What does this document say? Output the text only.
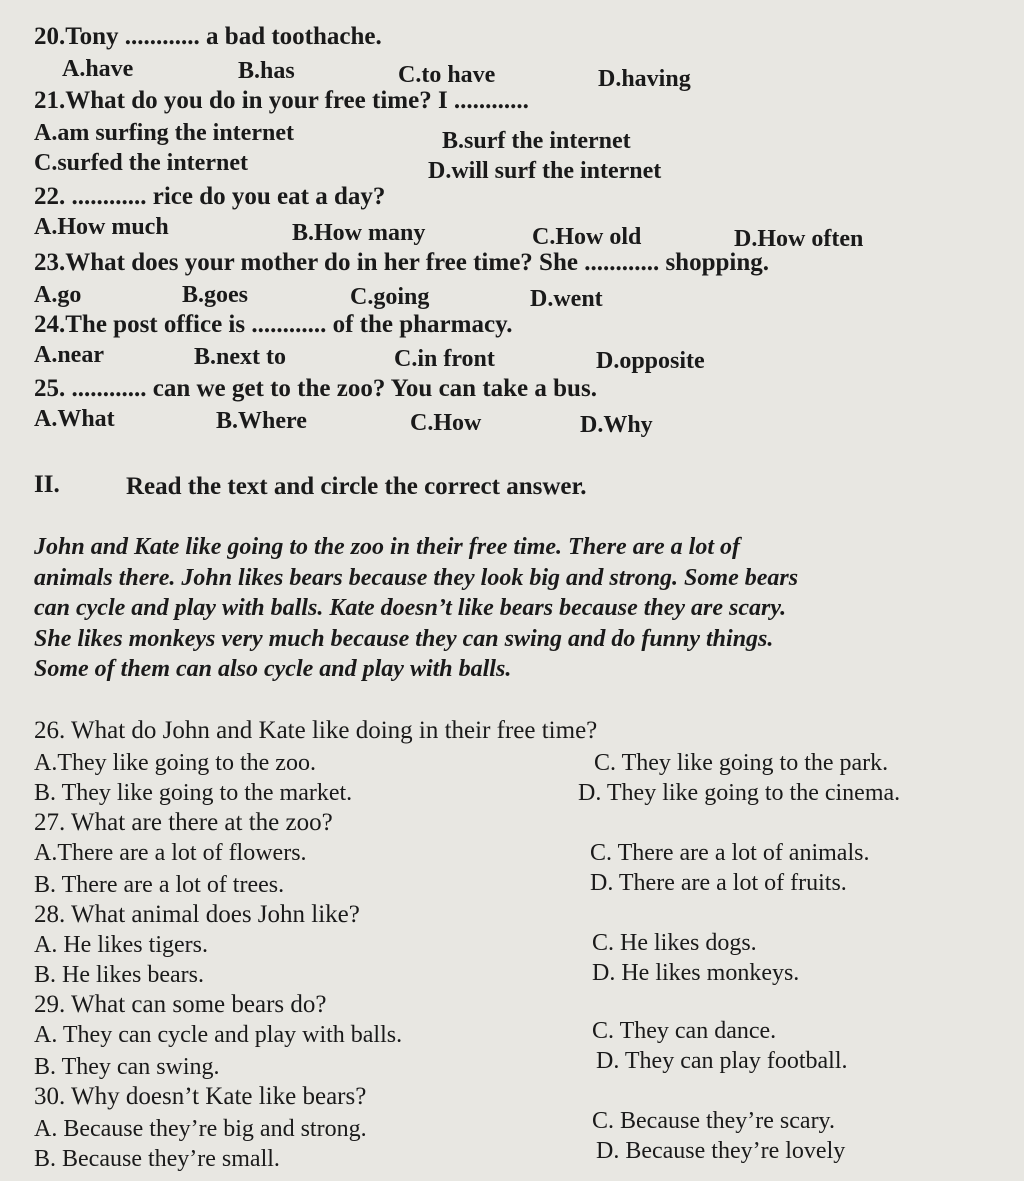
20.Tony ............ a bad toothache.
A.have	B.has	C.to have	D.having
21.What do you do in your free time? I ............
A.am surfing the internet	B.surf the internet
C.surfed the internet	D.will surf the internet
22. ............ rice do you eat a day?
A.How much	B.How many	C.How old	D.How often
23.What does your mother do in her free time? She ............ shopping.
A.go	B.goes	C.going	D.went
24.The post office is ............ of the pharmacy.
A.near	B.next to	C.in front	D.opposite
25. ............ can we get to the zoo? You can take a bus.
A.What	B.Where	C.How	D.Why
II.	Read the text and circle the correct answer.
John and Kate like going to the zoo in their free time. There are a lot of
animals there. John likes bears because they look big and strong. Some bears
can cycle and play with balls. Kate doesn’t like bears because they are scary.
She likes monkeys very much because they can swing and do funny things.
Some of them can also cycle and play with balls.
26. What do John and Kate like doing in their free time?
A.They like going to the zoo.	C. They like going to the park.
B. They like going to the market.	D. They like going to the cinema.
27. What are there at the zoo?
A.There are a lot of flowers.	C. There are a lot of animals.
B. There are a lot of trees.	D. There are a lot of fruits.
28. What animal does John like?
A. He likes tigers.	C. He likes dogs.
B. He likes bears.	D. He likes monkeys.
29. What can some bears do?
A. They can cycle and play with balls.	C. They can dance.
B. They can swing.	D. They can play football.
30. Why doesn’t Kate like bears?
A. Because they’re big and strong.	C. Because they’re scary.
B. Because they’re small.	D. Because they’re lovely
